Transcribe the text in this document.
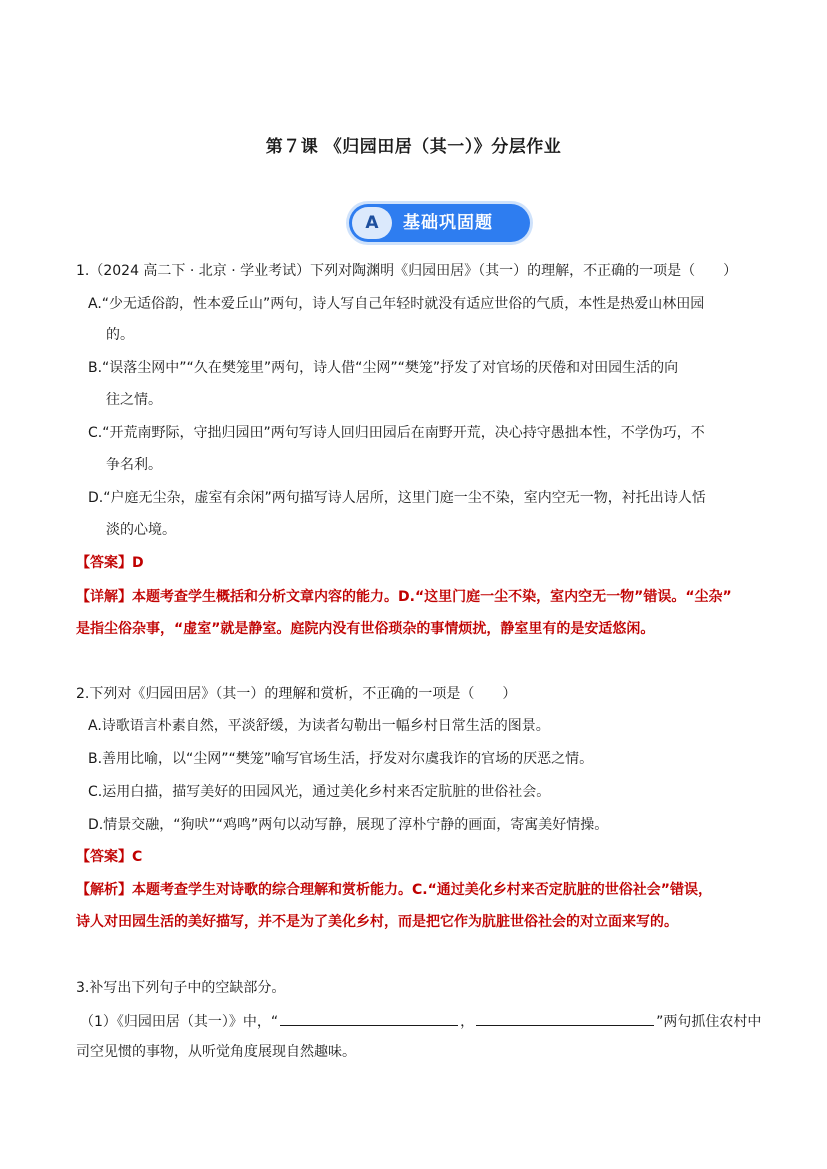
第７课 《归园田居（其一）》分层作业
A	基础巩固题
1.（2024 高二下 · 北京 · 学业考试）下列对陶渊明《归园田居》（其一）的理解，不正确的一项是（　　）
A.“少无适俗韵，性本爱丘山”两句，诗人写自己年轻时就没有适应世俗的气质，本性是热爱山林田园
的。
B.“误落尘网中”“久在樊笼里”两句，诗人借“尘网”“樊笼”抒发了对官场的厌倦和对田园生活的向
往之情。
C.“开荒南野际，守拙归园田”两句写诗人回归田园后在南野开荒，决心持守愚拙本性，不学伪巧，不
争名利。
D.“户庭无尘杂，虚室有余闲”两句描写诗人居所，这里门庭一尘不染，室内空无一物，衬托出诗人恬
淡的心境。
【答案】D
【详解】本题考查学生概括和分析文章内容的能力。D.“这里门庭一尘不染，室内空无一物”错误。“尘杂”
是指尘俗杂事，“虚室”就是静室。庭院内没有世俗琐杂的事情烦扰，静室里有的是安适悠闲。
2.下列对《归园田居》（其一）的理解和赏析，不正确的一项是（　　）
A.诗歌语言朴素自然，平淡舒缓，为读者勾勒出一幅乡村日常生活的图景。
B.善用比喻，以“尘网”“樊笼”喻写官场生活，抒发对尔虞我诈的官场的厌恶之情。
C.运用白描，描写美好的田园风光，通过美化乡村来否定肮脏的世俗社会。
D.情景交融，“狗吠”“鸡鸣”两句以动写静，展现了淳朴宁静的画面，寄寓美好情操。
【答案】C
【解析】本题考查学生对诗歌的综合理解和赏析能力。C.“通过美化乡村来否定肮脏的世俗社会”错误，
诗人对田园生活的美好描写，并不是为了美化乡村，而是把它作为肮脏世俗社会的对立面来写的。
3.补写出下列句子中的空缺部分。
（1）《归园田居（其一）》中，“	，	”两句抓住农村中
司空见惯的事物，从听觉角度展现自然趣味。
